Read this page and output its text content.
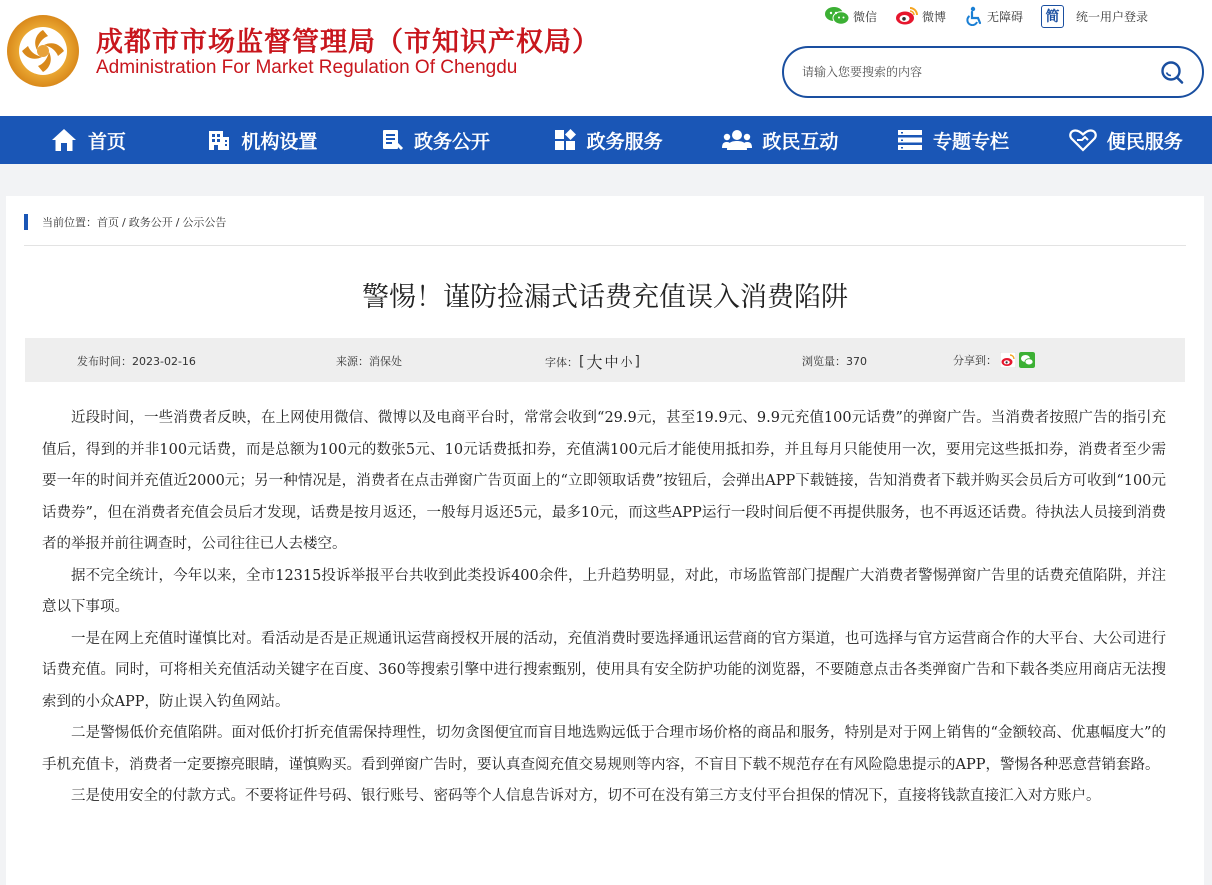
成都市市场监督管理局（市知识产权局）
Administration For Market Regulation Of Chengdu
微信	微博	无障碍	简	统一用户登录
请输入您要搜索的内容
首页	机构设置	政务公开	政务服务	政民互动	专题专栏	便民服务
当前位置： 首页 / 政务公开 / 公示公告
警惕！谨防捡漏式话费充值误入消费陷阱
发布时间：2023-02-16	来源：消保处	字体： [ 大 中 小 ]	浏览量：370	分享到：

近段时间，一些消费者反映，在上网使用微信、微博以及电商平台时，常常会收到“29.9元，甚至19.9元、9.9元充值100元话费”的弹窗广告。当消费者按照广告的指引充值后，得到的并非100元话费，而是总额为100元的数张5元、10元话费抵扣券，充值满100元后才能使用抵扣券，并且每月只能使用一次，要用完这些抵扣券，消费者至少需要一年的时间并充值近2000元；另一种情况是，消费者在点击弹窗广告页面上的“立即领取话费”按钮后，会弹出APP下载链接，告知消费者下载并购买会员后方可收到“100元话费券”，但在消费者充值会员后才发现，话费是按月返还，一般每月返还5元，最多10元，而这些APP运行一段时间后便不再提供服务，也不再返还话费。待执法人员接到消费者的举报并前往调查时，公司往往已人去楼空。

据不完全统计，今年以来，全市12315投诉举报平台共收到此类投诉400余件，上升趋势明显，对此，市场监管部门提醒广大消费者警惕弹窗广告里的话费充值陷阱，并注意以下事项。

一是在网上充值时谨慎比对。看活动是否是正规通讯运营商授权开展的活动，充值消费时要选择通讯运营商的官方渠道，也可选择与官方运营商合作的大平台、大公司进行话费充值。同时，可将相关充值活动关键字在百度、360等搜索引擎中进行搜索甄别，使用具有安全防护功能的浏览器，不要随意点击各类弹窗广告和下载各类应用商店无法搜索到的小众APP，防止误入钓鱼网站。

二是警惕低价充值陷阱。面对低价打折充值需保持理性，切勿贪图便宜而盲目地选购远低于合理市场价格的商品和服务，特别是对于网上销售的“金额较高、优惠幅度大”的手机充值卡，消费者一定要擦亮眼睛，谨慎购买。看到弹窗广告时，要认真查阅充值交易规则等内容，不盲目下载不规范存在有风险隐患提示的APP，警惕各种恶意营销套路。

三是使用安全的付款方式。不要将证件号码、银行账号、密码等个人信息告诉对方，切不可在没有第三方支付平台担保的情况下，直接将钱款直接汇入对方账户。
